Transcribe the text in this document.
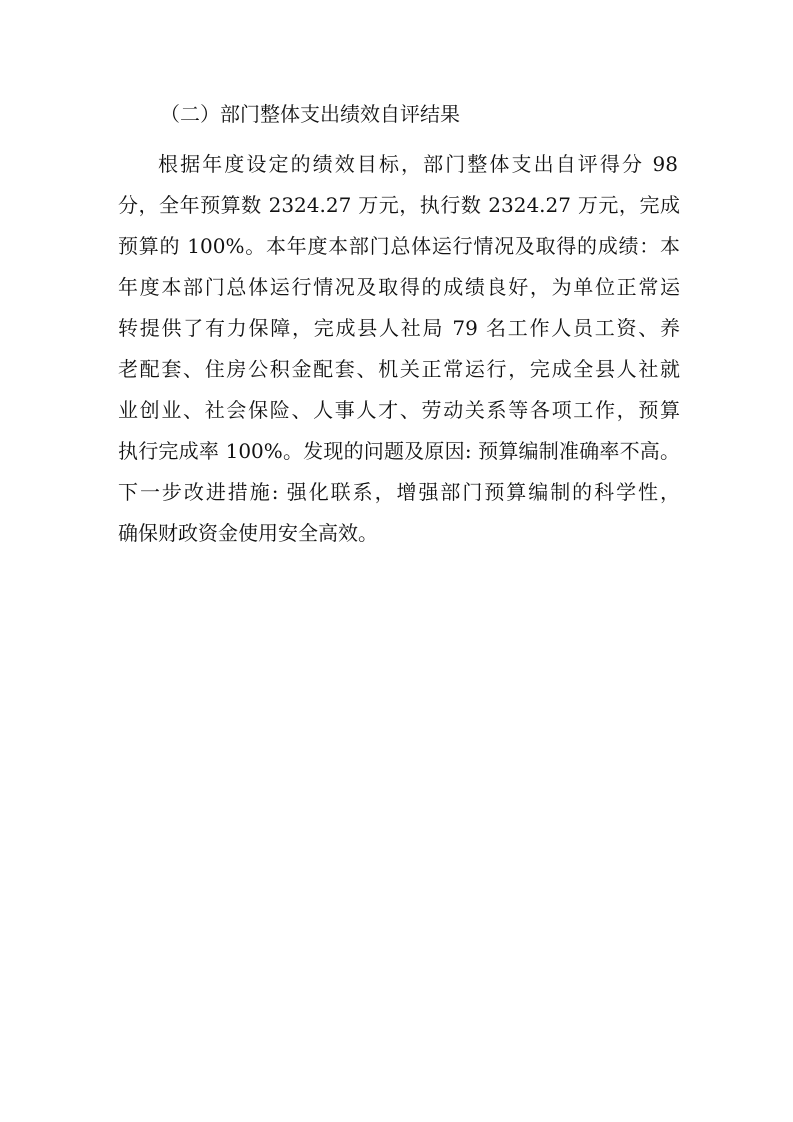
（二）部门整体支出绩效自评结果
根据年度设定的绩效目标，部门整体支出自评得分 98
分，全年预算数 2324.27 万元，执行数 2324.27 万元，完成
预算的 100%。本年度本部门总体运行情况及取得的成绩：本
年度本部门总体运行情况及取得的成绩良好，为单位正常运
转提供了有力保障，完成县人社局 79 名工作人员工资、养
老配套、住房公积金配套、机关正常运行，完成全县人社就
业创业、社会保险、人事人才、劳动关系等各项工作，预算
执行完成率 100%。发现的问题及原因: 预算编制准确率不高。
下一步改进措施: 强化联系，增强部门预算编制的科学性，
确保财政资金使用安全高效。
